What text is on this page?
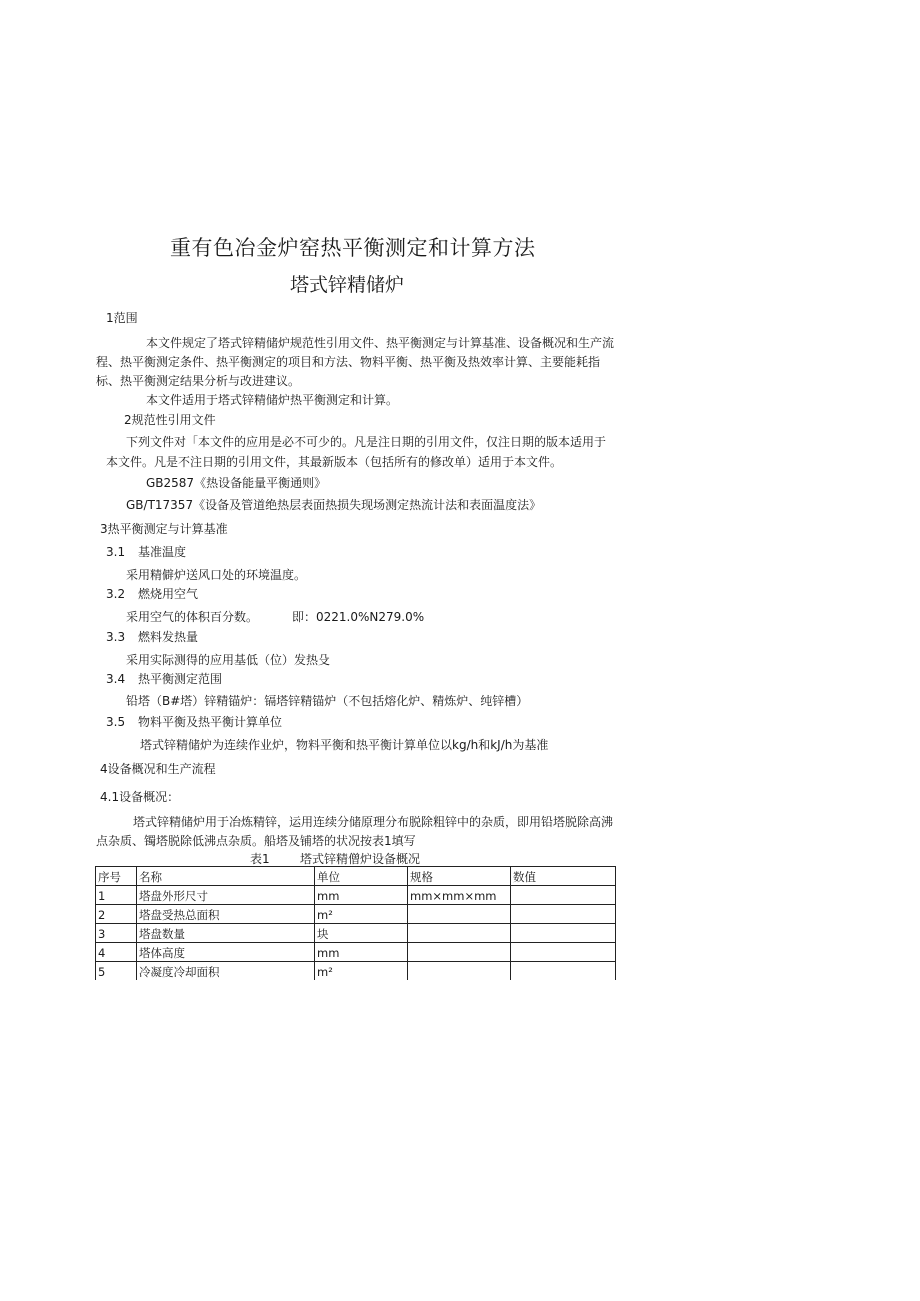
重有色冶金炉窑热平衡测定和计算方法
塔式锌精储炉
1范围
本文件规定了塔式锌精储炉规范性引用文件、热平衡测定与计算基准、设备概况和生产流
程、热平衡测定条件、热平衡测定的项目和方法、物料平衡、热平衡及热效率计算、主要能耗指
标、热平衡测定结果分析与改进建议。
本文件适用于塔式锌精储炉热平衡测定和计算。
2规范性引用文件
下列文件对「本文件的应用是必不可少的。凡是注日期的引用文件，仅注日期的版本适用于
本文件。凡是不注日期的引用文件，其最新版本（包括所有的修改单）适用于本文件。
GB2587《热设备能量平衡通则》
GB/T17357《设备及管道绝热层表面热损失现场测定热流计法和表面温度法》
3热平衡测定与计算基准
3.1 基准温度
采用精僻炉送风口处的环境温度。
3.2 燃烧用空气
采用空气的体积百分数。	即：0221.0%N279.0%
3.3 燃料发热量
采用实际测得的应用基低（位）发热殳
3.4 热平衡测定范围
铅塔（B#塔）锌精锚炉：镉塔锌精锚炉（不包括熔化炉、精炼炉、纯锌槽）
3.5 物料平衡及热平衡计算单位
塔式锌精储炉为连续作业炉，物料平衡和热平衡计算单位以kg/h和kJ/h为基准
4设备概况和生产流程
4.1设备概况：
塔式锌精储炉用于冶炼精锌，运用连续分储原理分布脱除粗锌中的杂质，即用铅塔脱除高沸
点杂质、镯塔脱除低沸点杂质。船塔及铺塔的状况按表1填写
表1	塔式锌精僧炉设备概况
序号	名称	单位	规格	数值
1	塔盘外形尺寸	mm	mm×mm×mm	
2	塔盘受热总面积	m²		
3	塔盘数量	块		
4	塔体高度	mm		
5	冷凝度冷却面积	m²		
